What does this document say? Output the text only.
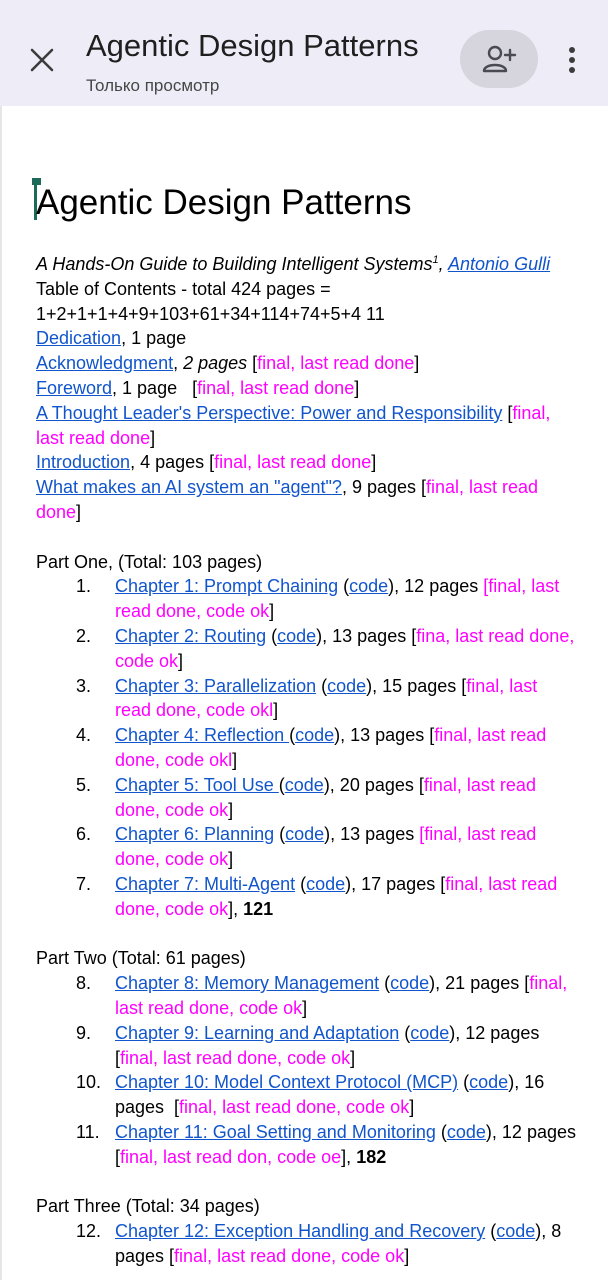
Agentic Design Patterns
Только просмотр
Agentic Design Patterns

A Hands-On Guide to Building Intelligent Systems$^1$, Antonio Gulli

Table of Contents - total 424 pages =

1+2+1+1+4+9+103+61+34+114+74+5+4 11

Dedication, 1 page

Acknowledgment, 2 pages [final, last read done]

Foreword, 1 page   [final, last read done]

A Thought Leader's Perspective: Power and Responsibility [final, last read done]

Introduction, 4 pages [final, last read done]

What makes an AI system an "agent"?, 9 pages [final, last read done]

Part One, (Total: 103 pages)

1. Chapter 1: Prompt Chaining (code), 12 pages [final, last read done, code ok]
2. Chapter 2: Routing (code), 13 pages [fina, last read done, code ok]
3. Chapter 3: Parallelization (code), 15 pages [final, last read done, code okl]
4. Chapter 4: Reflection (code), 13 pages [final, last read done, code okl]
5. Chapter 5: Tool Use (code), 20 pages [final, last read done, code ok]
6. Chapter 6: Planning (code), 13 pages [final, last read done, code ok]
7. Chapter 7: Multi-Agent (code), 17 pages [final, last read done, code ok], 121

Part Two (Total: 61 pages)

8. Chapter 8: Memory Management (code), 21 pages [final, last read done, code ok]
9. Chapter 9: Learning and Adaptation (code), 12 pages [final, last read done, code ok]
10. Chapter 10: Model Context Protocol (MCP) (code), 16 pages  [final, last read done, code ok]
11. Chapter 11: Goal Setting and Monitoring (code), 12 pages [final, last read don, code oe], 182

Part Three (Total: 34 pages)

12. Chapter 12: Exception Handling and Recovery (code), 8 pages [final, last read done, code ok]
